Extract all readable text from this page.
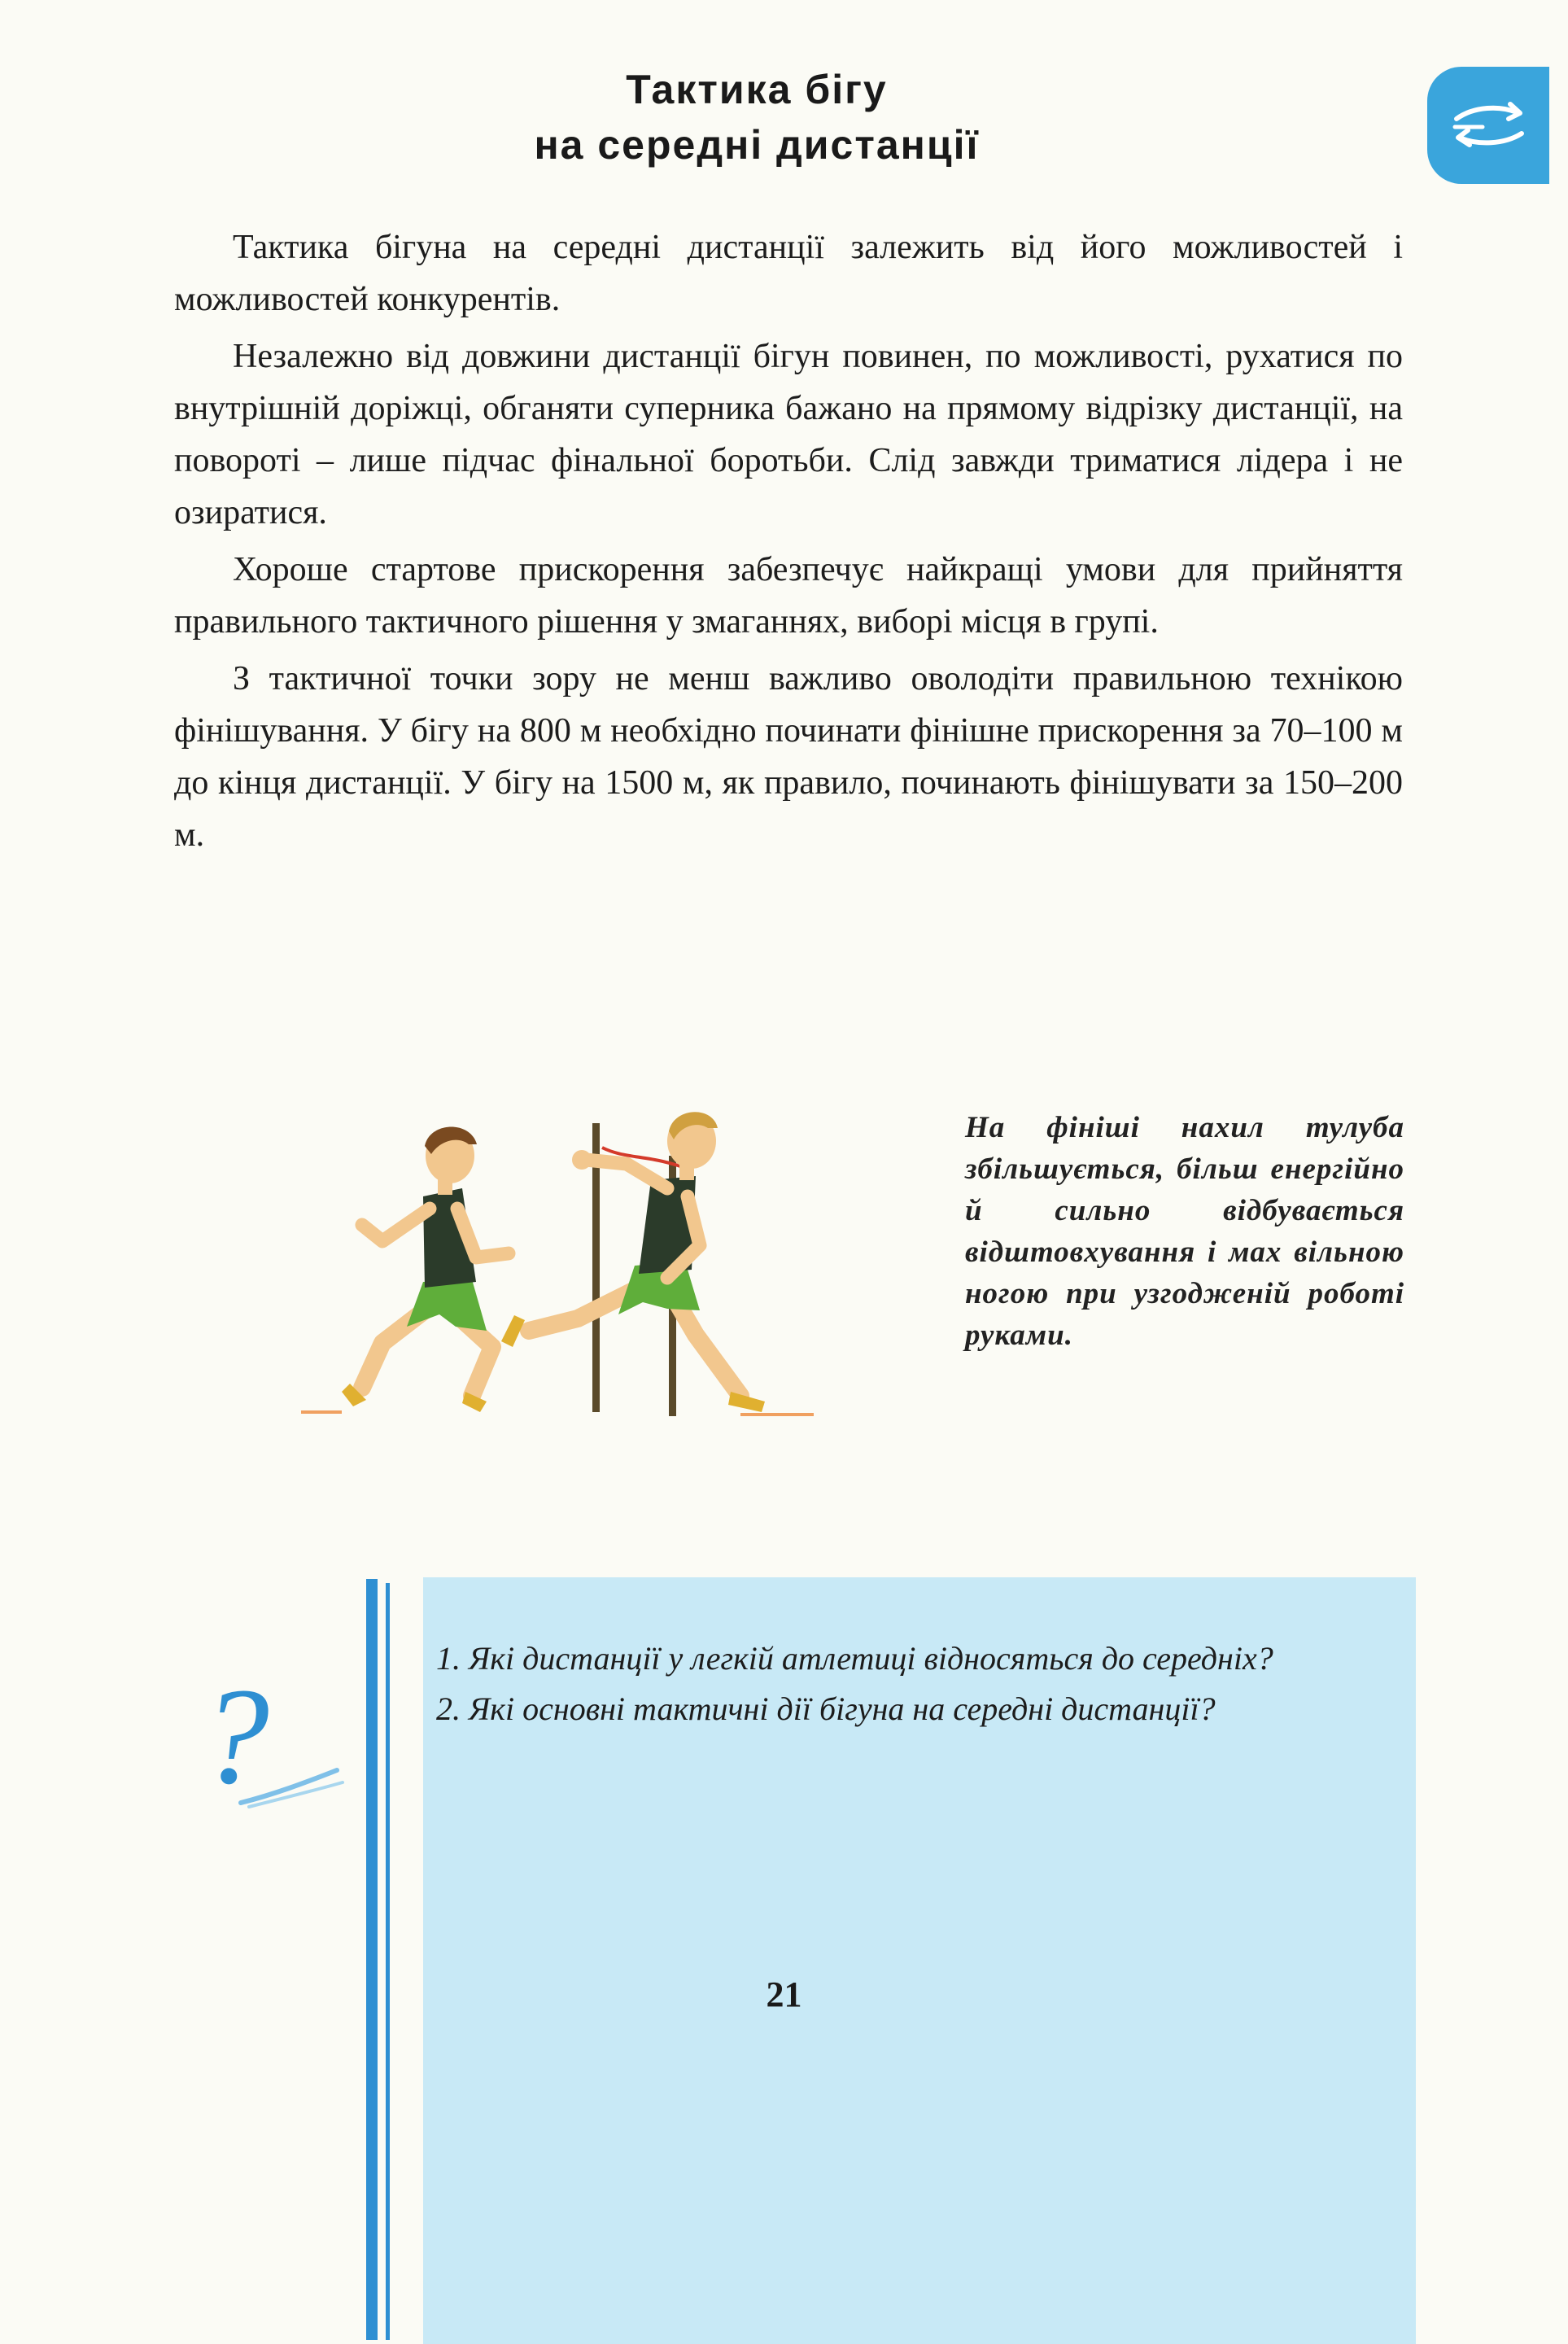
Тактика бігу
на середні дистанції

Тактика бігуна на середні дистанції залежить від його можливостей і можливостей конкурентів.

Незалежно від довжини дистанції бігун повинен, по можливості, рухатися по внутрішній доріжці, обганяти суперника бажано на прямому відрізку дистанції, на повороті – лише підчас фінальної боротьби. Слід завжди триматися лідера і не озиратися.

Хороше стартове прискорення забезпечує найкращі умови для прийняття правильного тактичного рішення у змаганнях, виборі місця в групі.

З тактичної точки зору не менш важливо оволодіти правильною технікою фінішування. У бігу на 800 м необхідно починати фінішне прискорення за 70–100 м до кінця дистанції. У бігу на 1500 м, як правило, починають фінішувати за 150–200 м.

На фініші нахил тулуба збільшується, більш енергійно й сильно відбувається відштовхування і мах вільною ногою при узгодженій роботі руками.
?
1. Які дистанції у легкій атлетиці відносяться до середніх?
2. Які основні тактичні дії бігуна на середні дистанції?
21
